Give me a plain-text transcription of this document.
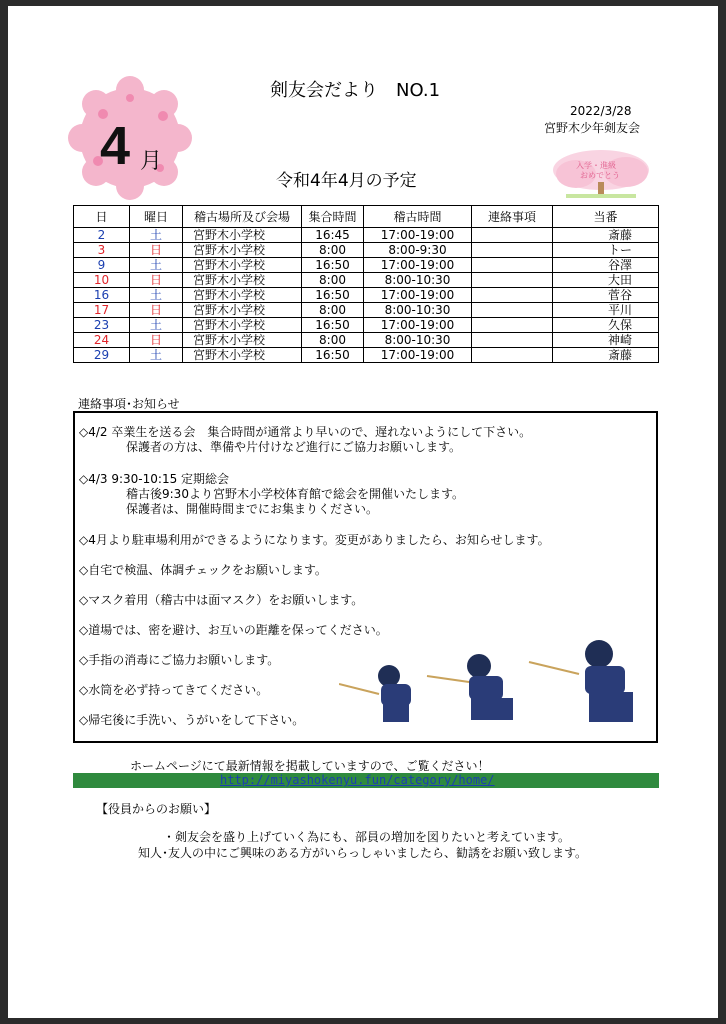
4 月
剣友会だより　NO.1
2022/3/28
宮野木少年剣友会
令和4年4月の予定
入学・進級
おめでとう
日	曜日	稽古場所及び会場	集合時間	稽古時間	連絡事項	当番
2	土	宮野木小学校	16:45	17:00-19:00		斎藤
3	日	宮野木小学校	8:00	8:00-9:30		トー
9	土	宮野木小学校	16:50	17:00-19:00		谷澤
10	日	宮野木小学校	8:00	8:00-10:30		大田
16	土	宮野木小学校	16:50	17:00-19:00		菅谷
17	日	宮野木小学校	8:00	8:00-10:30		平川
23	土	宮野木小学校	16:50	17:00-19:00		久保
24	日	宮野木小学校	8:00	8:00-10:30		神崎
29	土	宮野木小学校	16:50	17:00-19:00		斎藤
連絡事項･お知らせ
◇4/2 卒業生を送る会　集合時間が通常より早いので、遅れないようにして下さい。
保護者の方は、準備や片付けなど進行にご協力お願いします。
◇4/3 9:30-10:15 定期総会
稽古後9:30より宮野木小学校体育館で総会を開催いたします。
保護者は、開催時間までにお集まりください。
◇4月より駐車場利用ができるようになります。変更がありましたら、お知らせします。
◇自宅で検温、体調チェックをお願いします。
◇マスク着用（稽古中は面マスク）をお願いします。
◇道場では、密を避け、お互いの距離を保ってください。
◇手指の消毒にご協力お願いします。
◇水筒を必ず持ってきてください。
◇帰宅後に手洗い、うがいをして下さい。
ホームページにて最新情報を掲載していますので、ご覧ください！
http://miyashokenyu.fun/category/home/
【役員からのお願い】
・剣友会を盛り上げていく為にも、部員の増加を図りたいと考えています。
知人･友人の中にご興味のある方がいらっしゃいましたら、勧誘をお願い致します。
